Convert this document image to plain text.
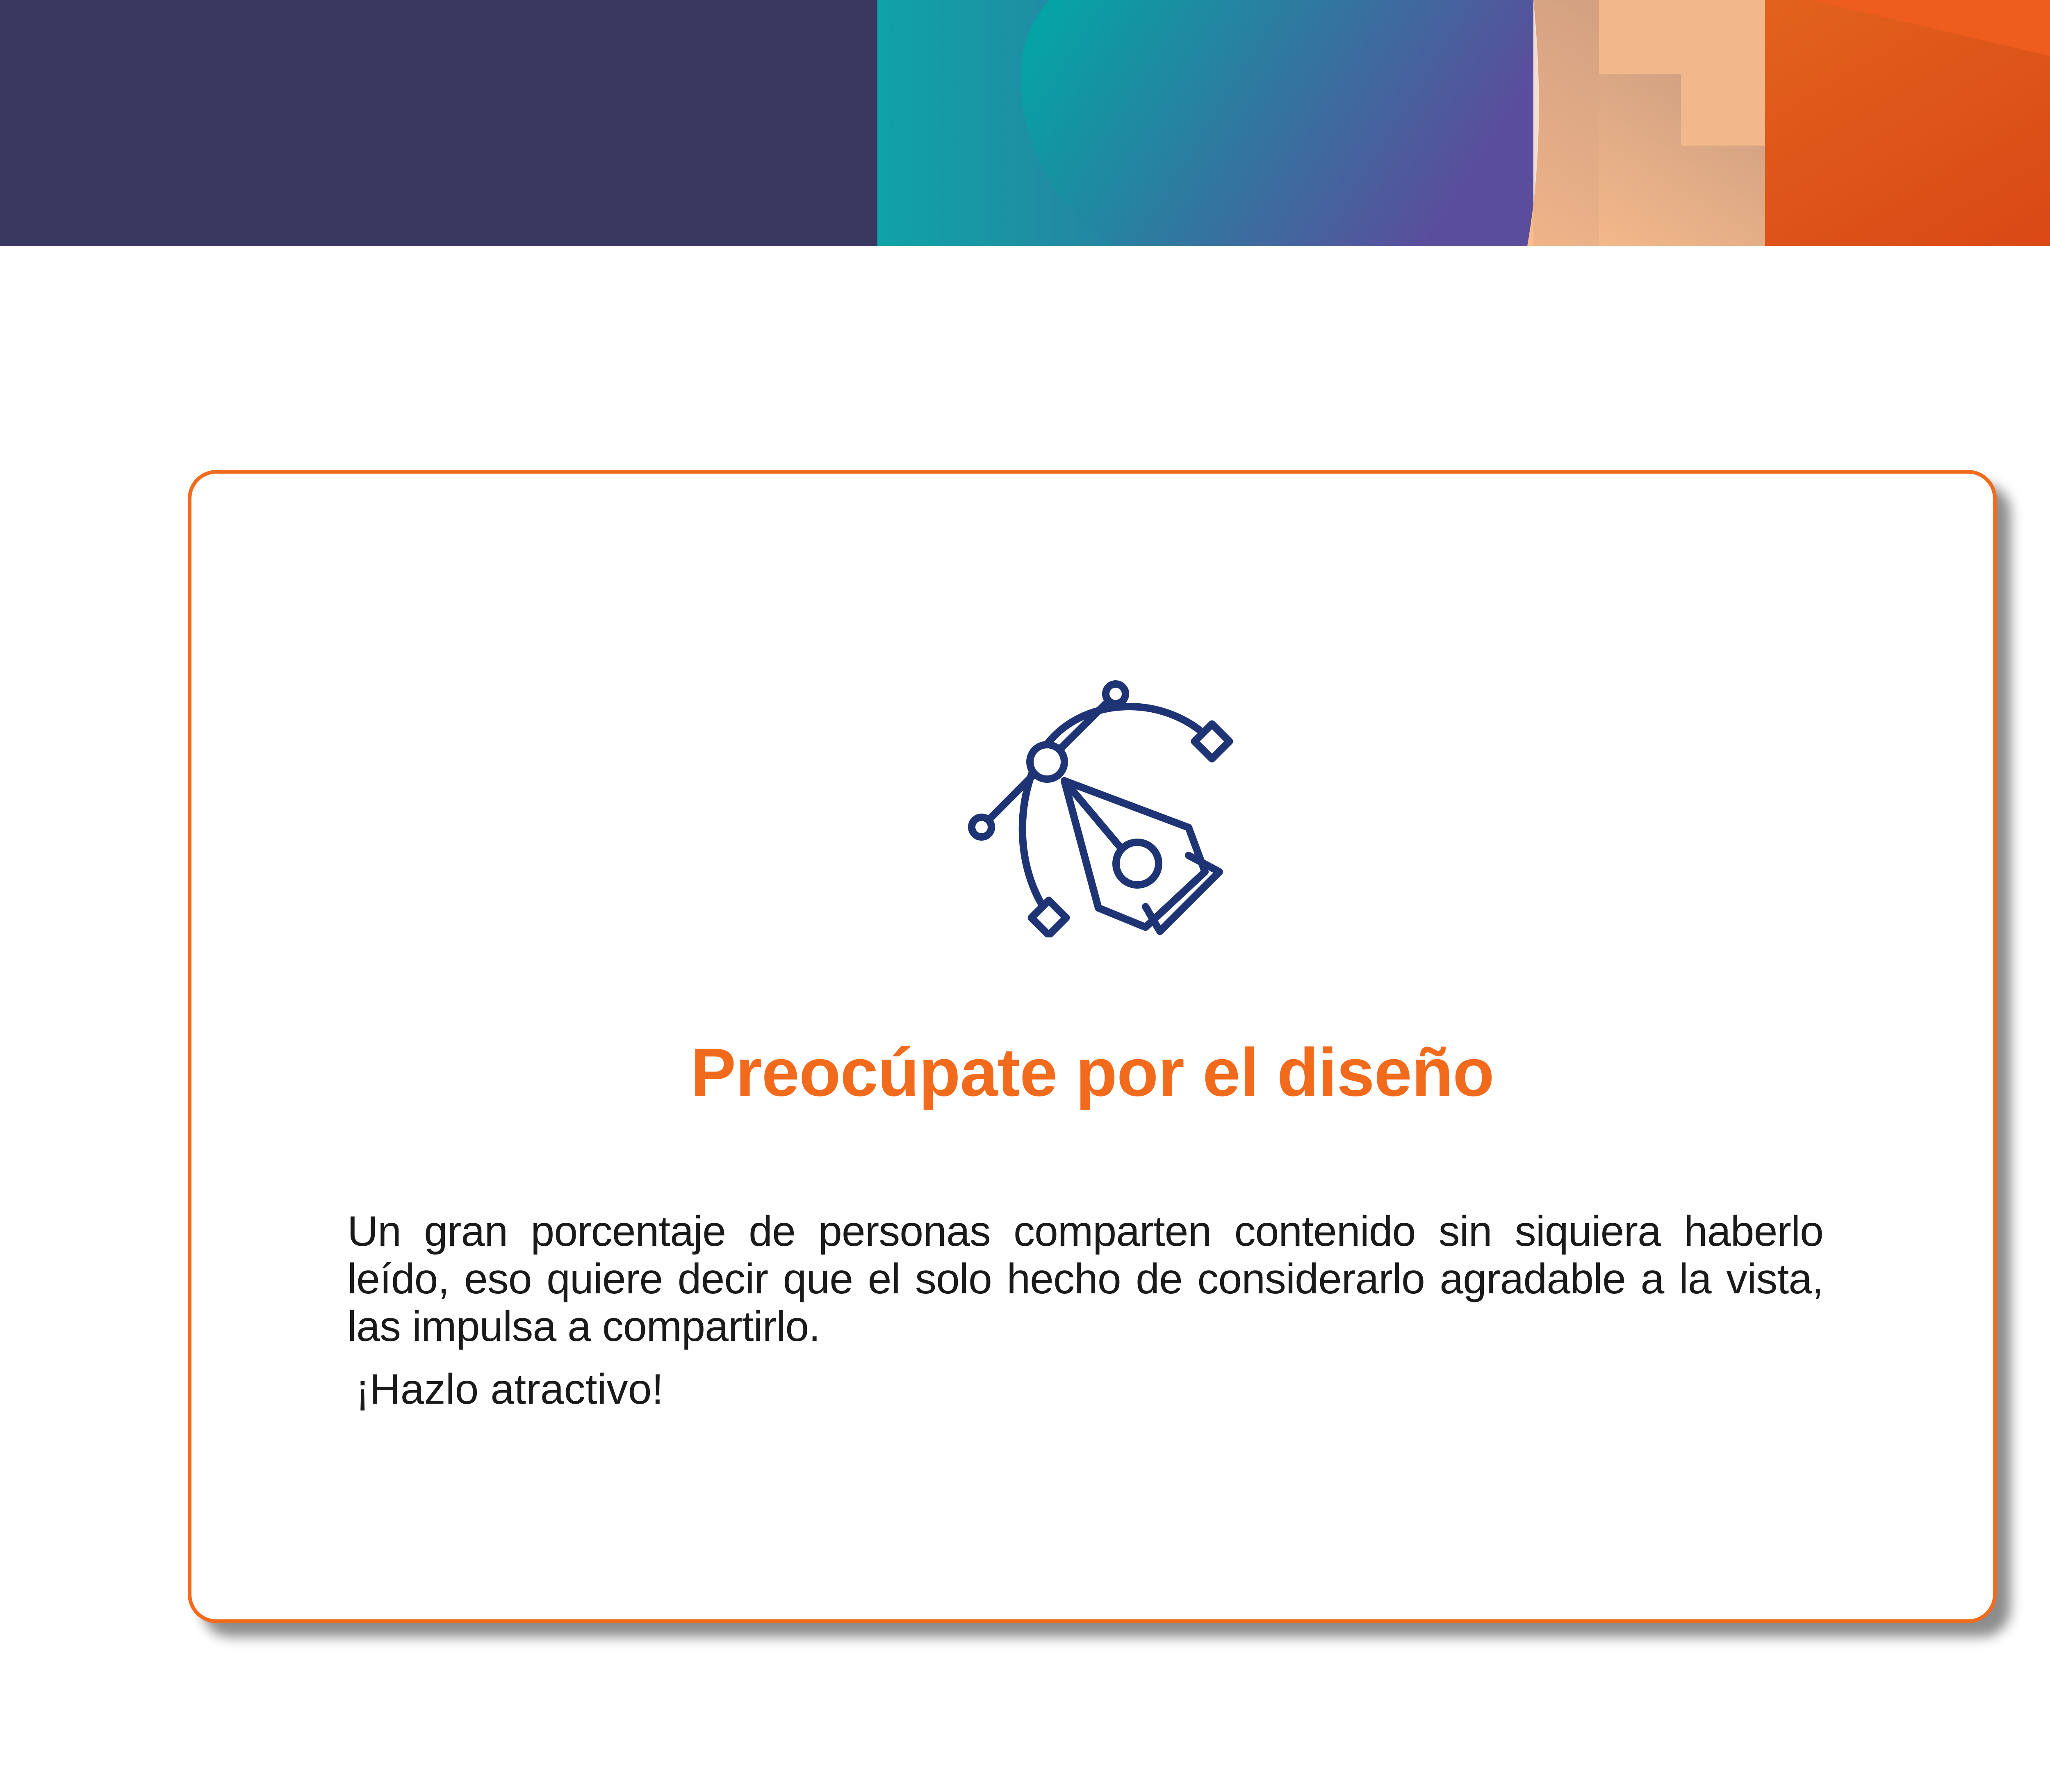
Preocúpate por el diseño
Un gran porcentaje de personas comparten contenido sin siquiera haberlo leído, eso quiere decir que el solo hecho de considerarlo agradable a la vista, las impulsa a compartirlo.
¡Hazlo atractivo!
